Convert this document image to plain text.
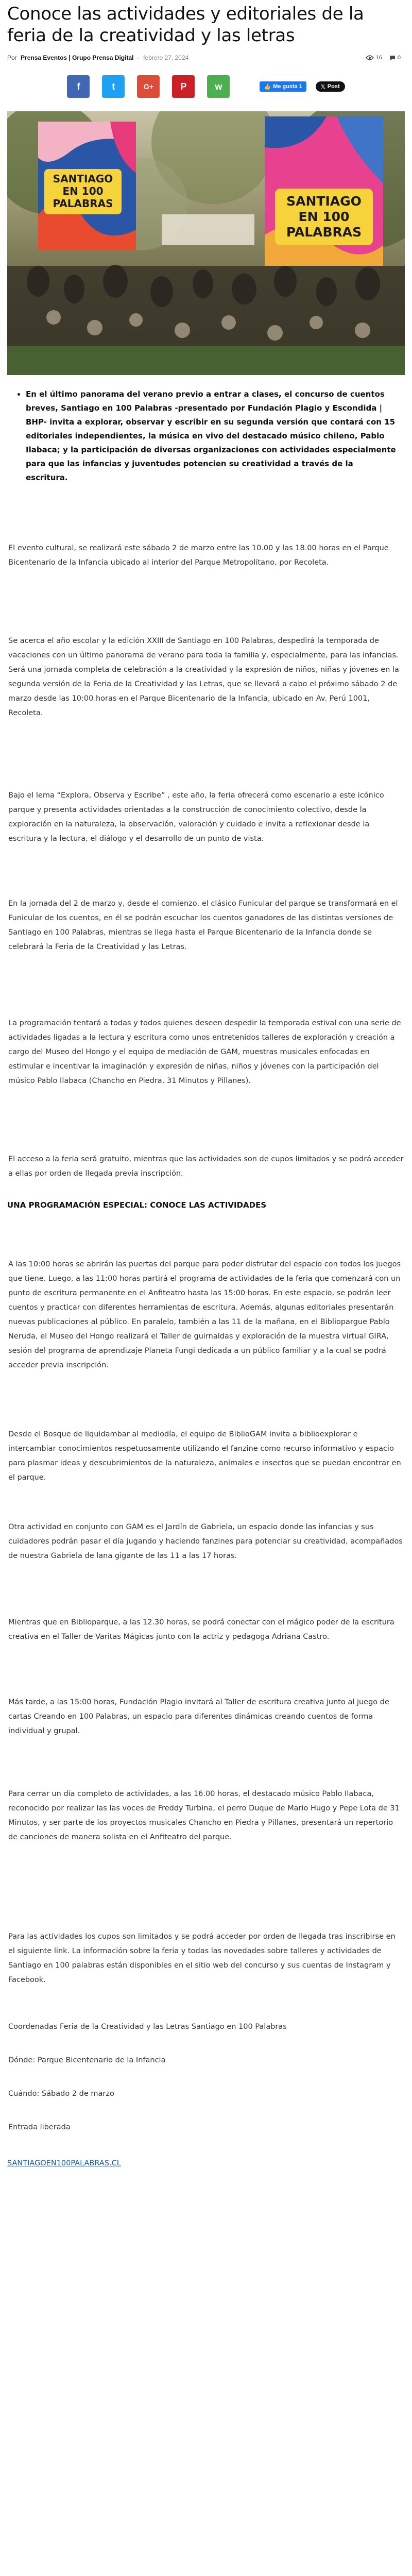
Conoce las actividades y editoriales de la feria de la creatividad y las letras
Por Prensa Eventos | Grupo Prensa Digital - febrero 27, 2024	16	0
f	t	G+	P	w	👍 Me gusta 1	𝕏 Post
SANTIAGO
EN 100
PALABRAS	SANTIAGO
EN 100
PALABRAS
• En el último panorama del verano previo a entrar a clases, el concurso de cuentos breves, Santiago en 100 Palabras -presentado por Fundación Plagio y Escondida | BHP- invita a explorar, observar y escribir en su segunda versión que contará con 15 editoriales independientes, la música en vivo del destacado músico chileno, Pablo Ilabaca; y la participación de diversas organizaciones con actividades especialmente para que las infancias y juventudes potencien su creatividad a través de la escritura.

El evento cultural, se realizará este sábado 2 de marzo entre las 10.00 y las 18.00 horas en el Parque Bicentenario de la Infancia ubicado al interior del Parque Metropolitano, por Recoleta.

Se acerca el año escolar y la edición XXIII de Santiago en 100 Palabras, despedirá la temporada de vacaciones con un último panorama de verano para toda la familia y, especialmente, para las infancias. Será una jornada completa de celebración a la creatividad y la expresión de niños, niñas y jóvenes en la segunda versión de la Feria de la Creatividad y las Letras, que se llevará a cabo el próximo sábado 2 de marzo desde las 10:00 horas en el Parque Bicentenario de la Infancia, ubicado en Av. Perú 1001, Recoleta.

Bajo el lema “Explora, Observa y Escribe” , este año, la feria ofrecerá como escenario a este icónico parque y presenta actividades orientadas a la construcción de conocimiento colectivo, desde la exploración en la naturaleza, la observación, valoración y cuidado e invita a reflexionar desde la escritura y la lectura, el diálogo y el desarrollo de un punto de vista.

En la jornada del 2 de marzo y, desde el comienzo, el clásico Funicular del parque se transformará en el Funicular de los cuentos, en él se podrán escuchar los cuentos ganadores de las distintas versiones de Santiago en 100 Palabras, mientras se llega hasta el Parque Bicentenario de la Infancia donde se celebrará la Feria de la Creatividad y las Letras.

La programación tentará a todas y todos quienes deseen despedir la temporada estival con una serie de actividades ligadas a la lectura y escritura como unos entretenidos talleres de exploración y creación a cargo del Museo del Hongo y el equipo de mediación de GAM, muestras musicales enfocadas en estimular e incentivar la imaginación y expresión de niñas, niños y jóvenes con la participación del músico Pablo Ilabaca (Chancho en Piedra, 31 Minutos y Pillanes).

El acceso a la feria será gratuito, mientras que las actividades son de cupos limitados y se podrá acceder a ellas por orden de llegada previa inscripción.

UNA PROGRAMACIÓN ESPECIAL: CONOCE LAS ACTIVIDADES

A las 10:00 horas se abrirán las puertas del parque para poder disfrutar del espacio con todos los juegos que tiene. Luego, a las 11:00 horas partirá el programa de actividades de la feria que comenzará con un punto de escritura permanente en el Anfiteatro hasta las 15:00 horas. En este espacio, se podrán leer cuentos y practicar con diferentes herramientas de escritura. Además, algunas editoriales presentarán nuevas publicaciones al público. En paralelo, también a las 11 de la mañana, en el Bibliopargue Pablo Neruda, el Museo del Hongo realizará el Taller de guirnaldas y exploración de la muestra virtual GIRA, sesión del programa de aprendizaje Planeta Fungi dedicada a un público familiar y a la cual se podrá acceder previa inscripción.

Desde el Bosque de liquidambar al mediodía, el equipo de BiblioGAM invita a biblioexplorar e intercambiar conocimientos respetuosamente utilizando el fanzine como recurso informativo y espacio para plasmar ideas y descubrimientos de la naturaleza, animales e insectos que se puedan encontrar en el parque.

Otra actividad en conjunto con GAM es el Jardín de Gabriela, un espacio donde las infancias y sus cuidadores podrán pasar el día jugando y haciendo fanzines para potenciar su creatividad, acompañados de nuestra Gabriela de lana gigante de las 11 a las 17 horas.

Mientras que en Biblioparque, a las 12.30 horas, se podrá conectar con el mágico poder de la escritura creativa en el Taller de Varitas Mágicas junto con la actriz y pedagoga Adriana Castro.

Más tarde, a las 15:00 horas, Fundación Plagio invitará al Taller de escritura creativa junto al juego de cartas Creando en 100 Palabras, un espacio para diferentes dinámicas creando cuentos de forma individual y grupal.

Para cerrar un día completo de actividades, a las 16.00 horas, el destacado músico Pablo Ilabaca, reconocido por realizar las las voces de Freddy Turbina, el perro Duque de Mario Hugo y Pepe Lota de 31 Minutos, y ser parte de los proyectos musicales Chancho en Piedra y Pillanes, presentará un repertorio de canciones de manera solista en el Anfiteatro del parque.

Para las actividades los cupos son limitados y se podrá acceder por orden de llegada tras inscribirse en el siguiente link. La información sobre la feria y todas las novedades sobre talleres y actividades de Santiago en 100 palabras están disponibles en el sitio web del concurso y sus cuentas de Instagram y Facebook.

Coordenadas Feria de la Creatividad y las Letras Santiago en 100 Palabras

Dónde: Parque Bicentenario de la Infancia

Cuándo: Sábado 2 de marzo

Entrada liberada

SANTIAGOEN100PALABRAS.CL
